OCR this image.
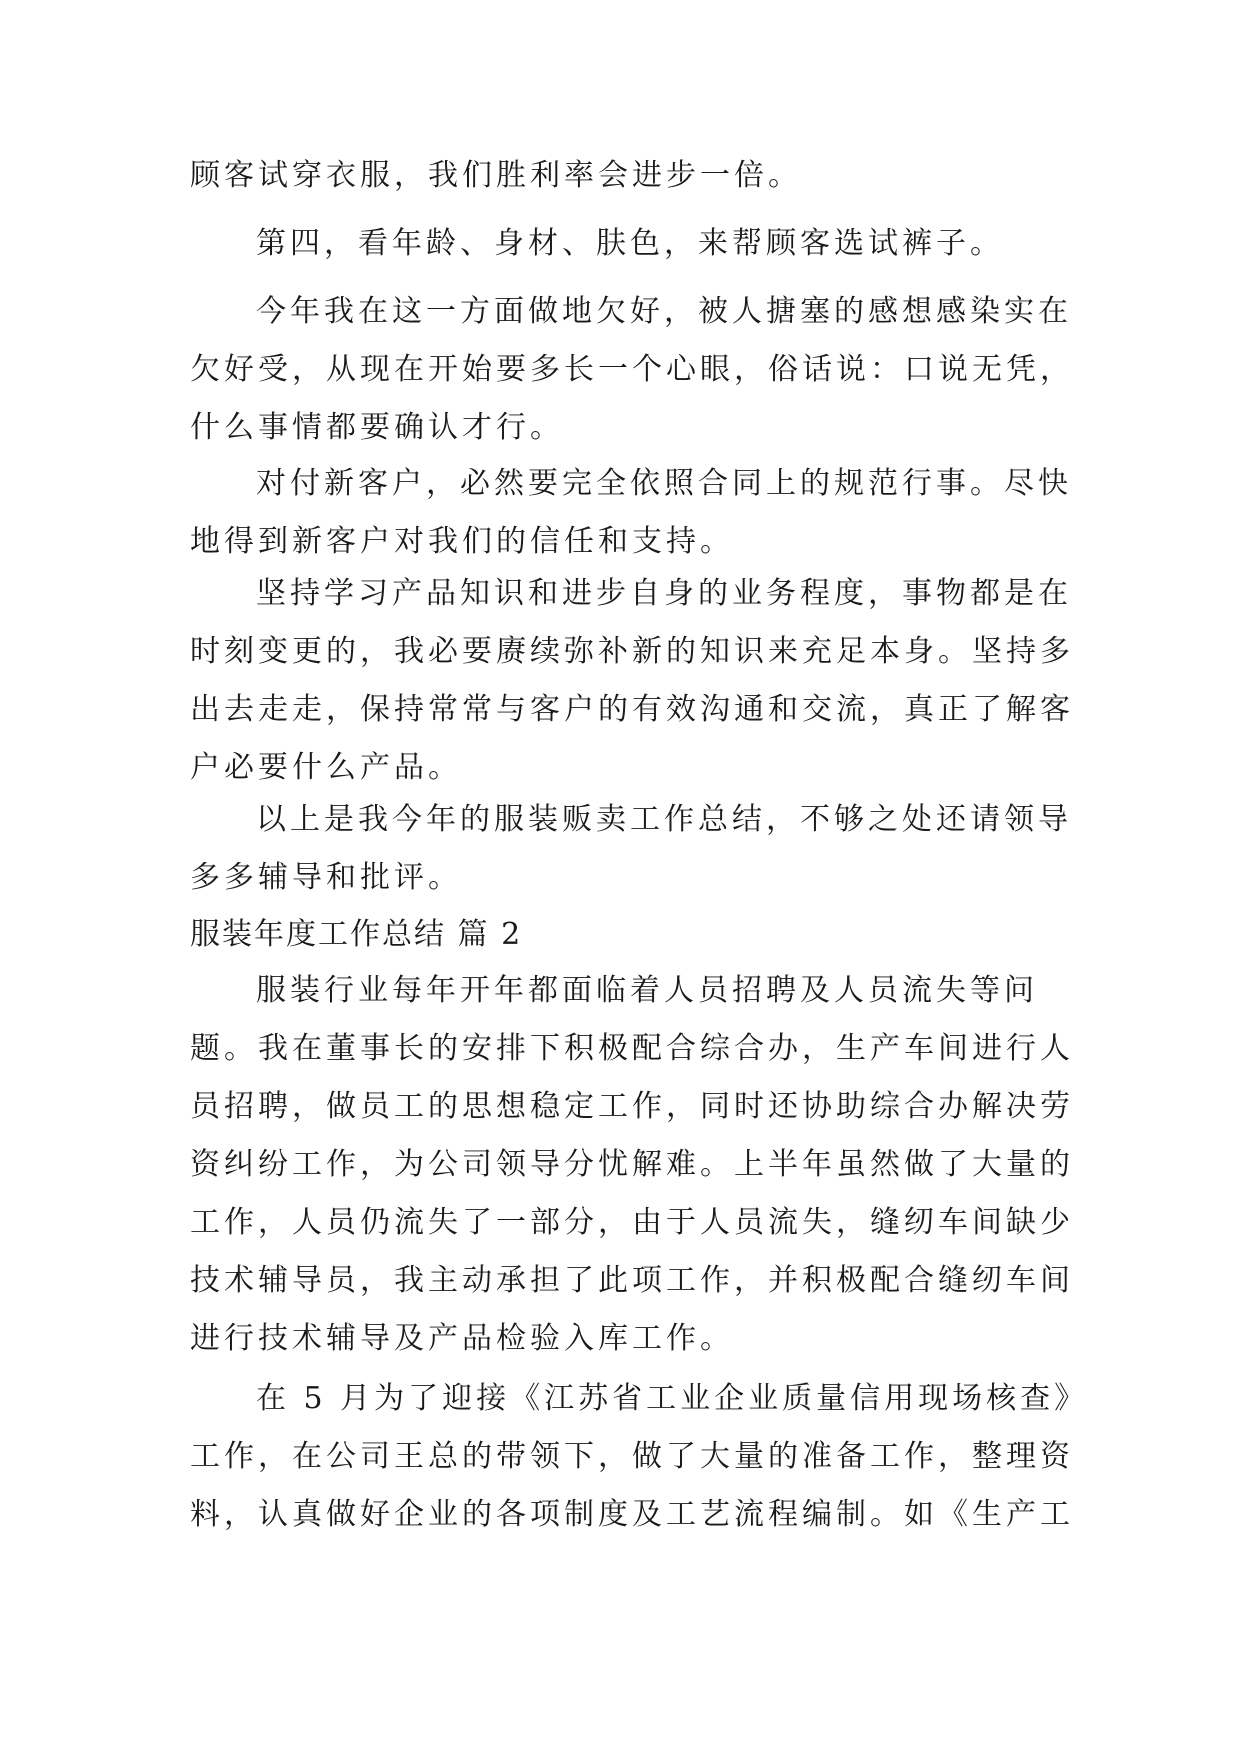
顾客试穿衣服，我们胜利率会进步一倍。
第四，看年龄、身材、肤色，来帮顾客选试裤子。
今年我在这一方面做地欠好，被人搪塞的感想感染实在
欠好受，从现在开始要多长一个心眼，俗话说：口说无凭，
什么事情都要确认才行。
对付新客户，必然要完全依照合同上的规范行事。尽快
地得到新客户对我们的信任和支持。
坚持学习产品知识和进步自身的业务程度，事物都是在
时刻变更的，我必要赓续弥补新的知识来充足本身。坚持多
出去走走，保持常常与客户的有效沟通和交流，真正了解客
户必要什么产品。
以上是我今年的服装贩卖工作总结，不够之处还请领导
多多辅导和批评。
服装年度工作总结 篇 2
服装行业每年开年都面临着人员招聘及人员流失等问
题。我在董事长的安排下积极配合综合办，生产车间进行人
员招聘，做员工的思想稳定工作，同时还协助综合办解决劳
资纠纷工作，为公司领导分忧解难。上半年虽然做了大量的
工作，人员仍流失了一部分，由于人员流失，缝纫车间缺少
技术辅导员，我主动承担了此项工作，并积极配合缝纫车间
进行技术辅导及产品检验入库工作。
在 5 月为了迎接《江苏省工业企业质量信用现场核查》
工作，在公司王总的带领下，做了大量的准备工作，整理资
料，认真做好企业的各项制度及工艺流程编制。如《生产工
